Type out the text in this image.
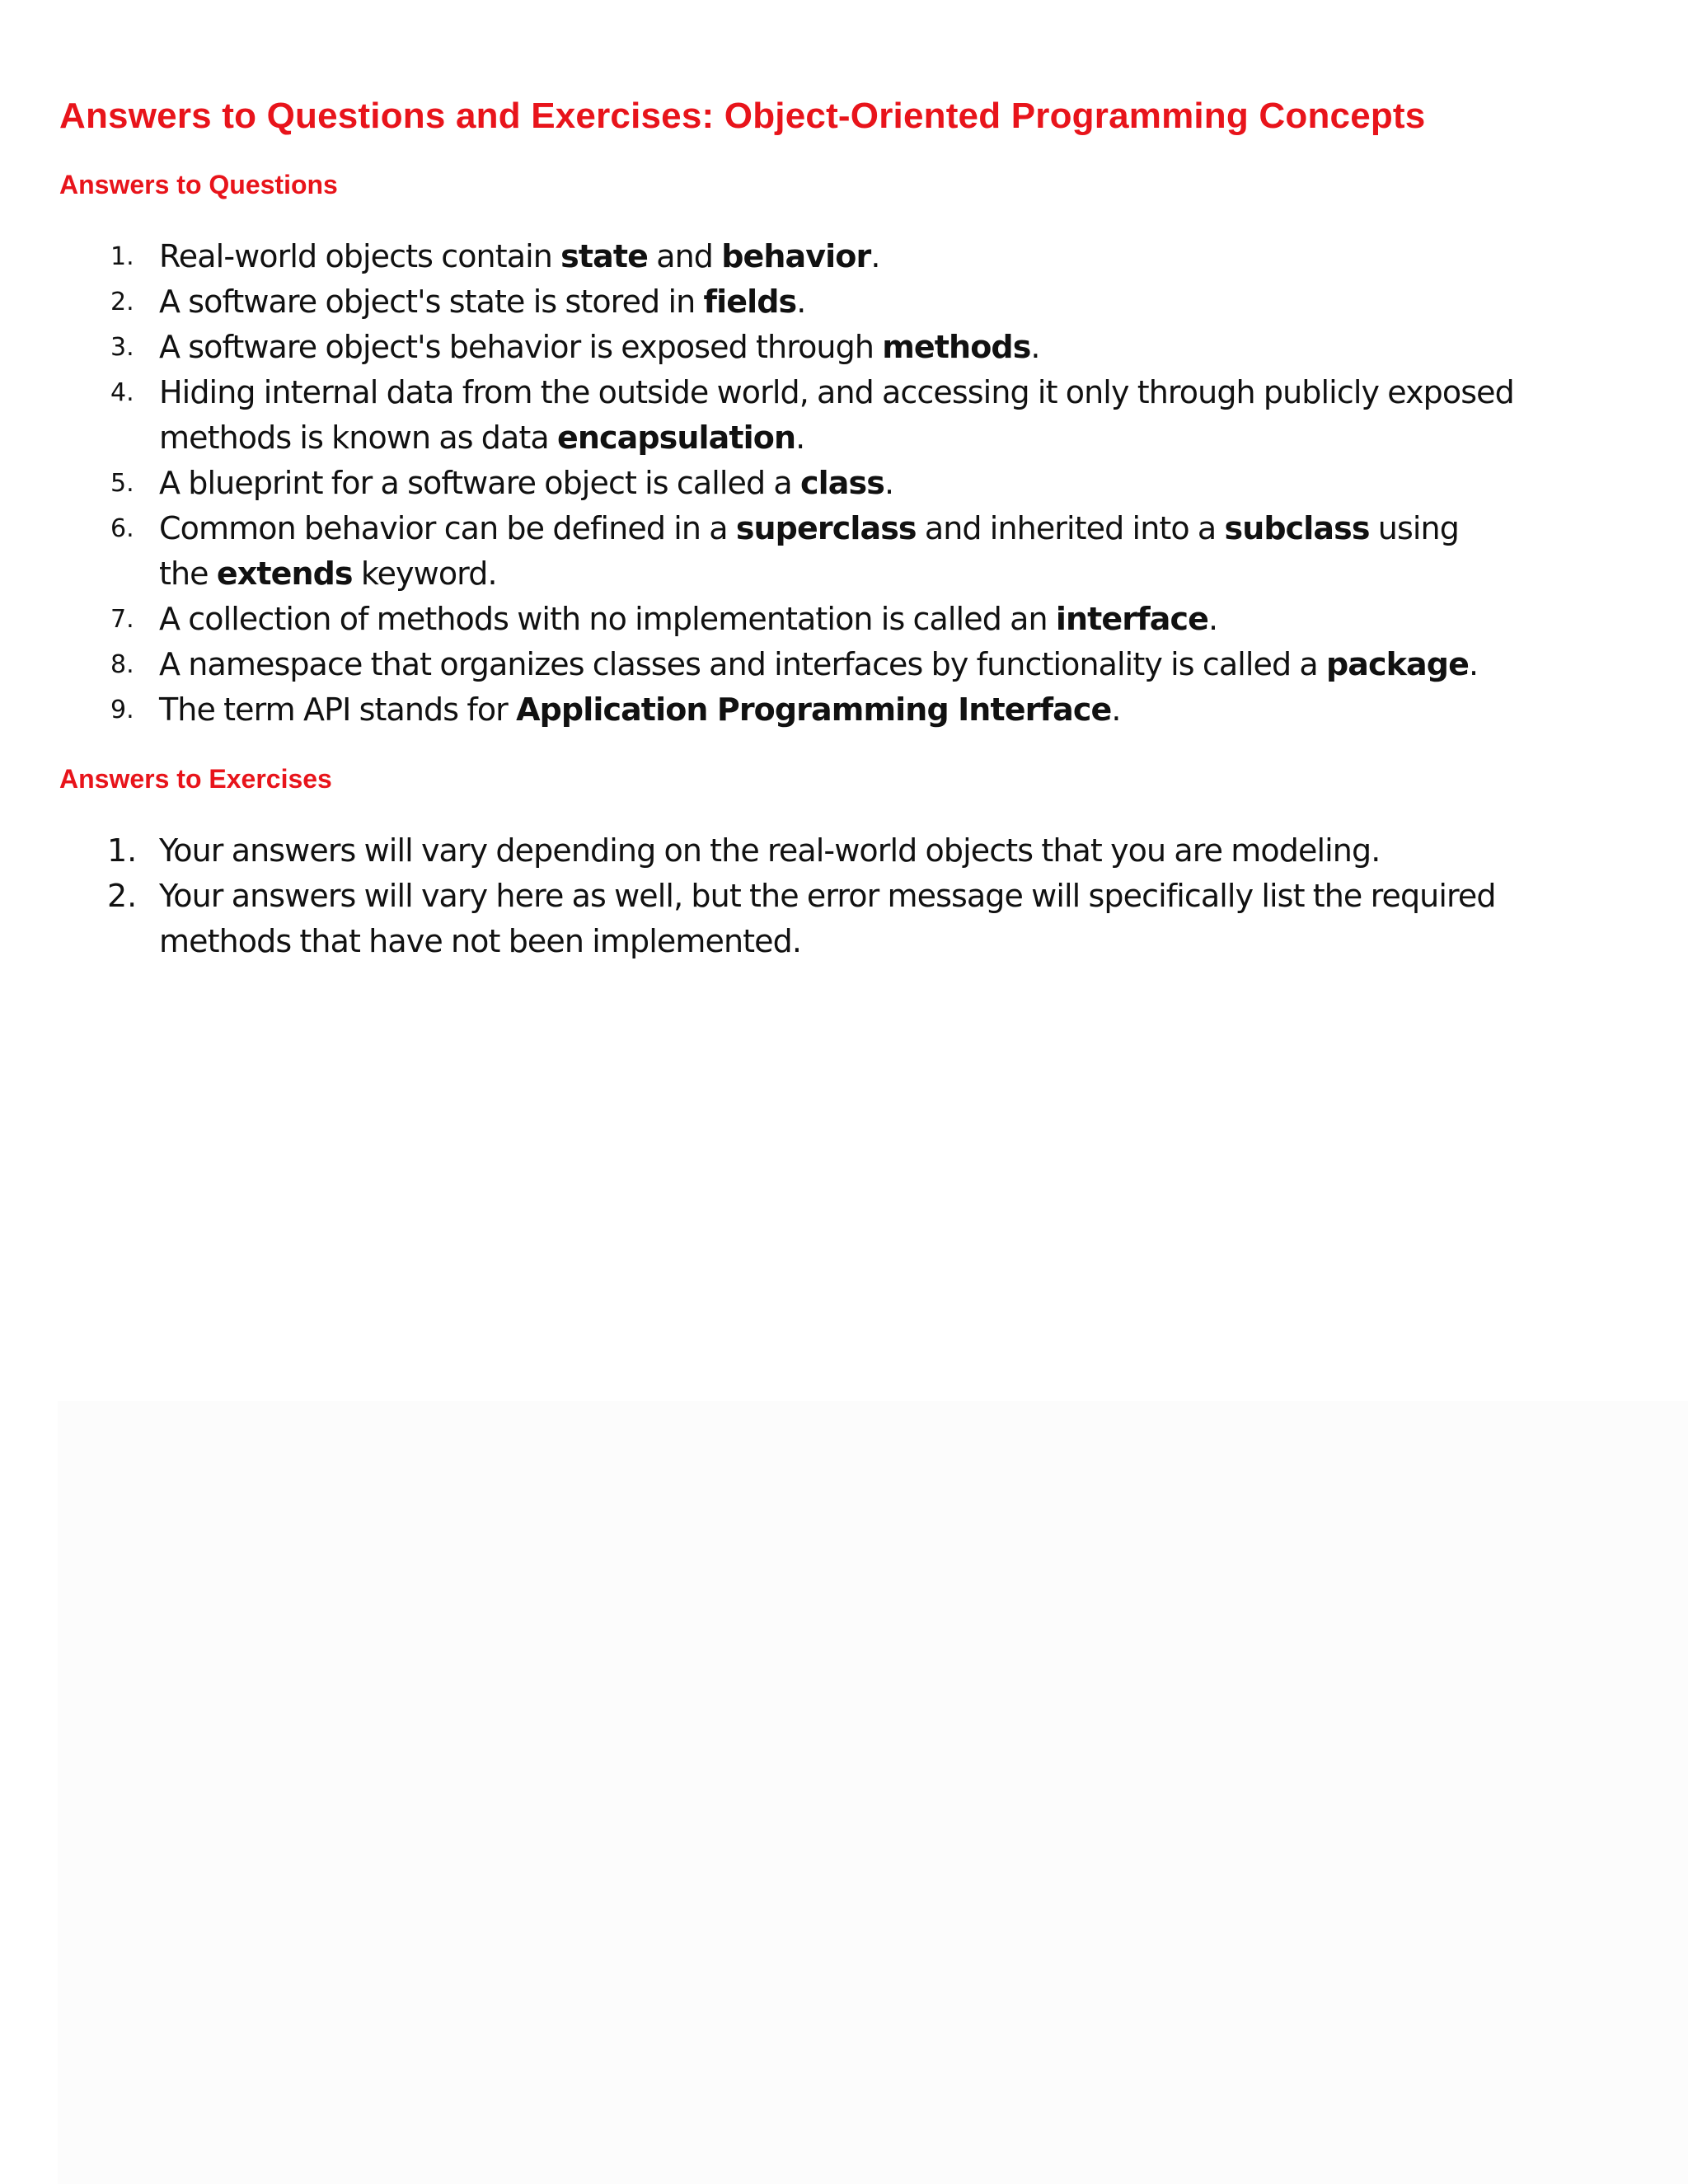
Answers to Questions and Exercises: Object-Oriented Programming Concepts
Answers to Questions
1. Real-world objects contain state and behavior.
2. A software object's state is stored in fields.
3. A software object's behavior is exposed through methods.
4. Hiding internal data from the outside world, and accessing it only through publicly exposed methods is known as data encapsulation.
5. A blueprint for a software object is called a class.
6. Common behavior can be defined in a superclass and inherited into a subclass using
the extends keyword.
7. A collection of methods with no implementation is called an interface.
8. A namespace that organizes classes and interfaces by functionality is called a package.
9. The term API stands for Application Programming Interface.
Answers to Exercises
1. Your answers will vary depending on the real-world objects that you are modeling.
2. Your answers will vary here as well, but the error message will specifically list the required methods that have not been implemented.
